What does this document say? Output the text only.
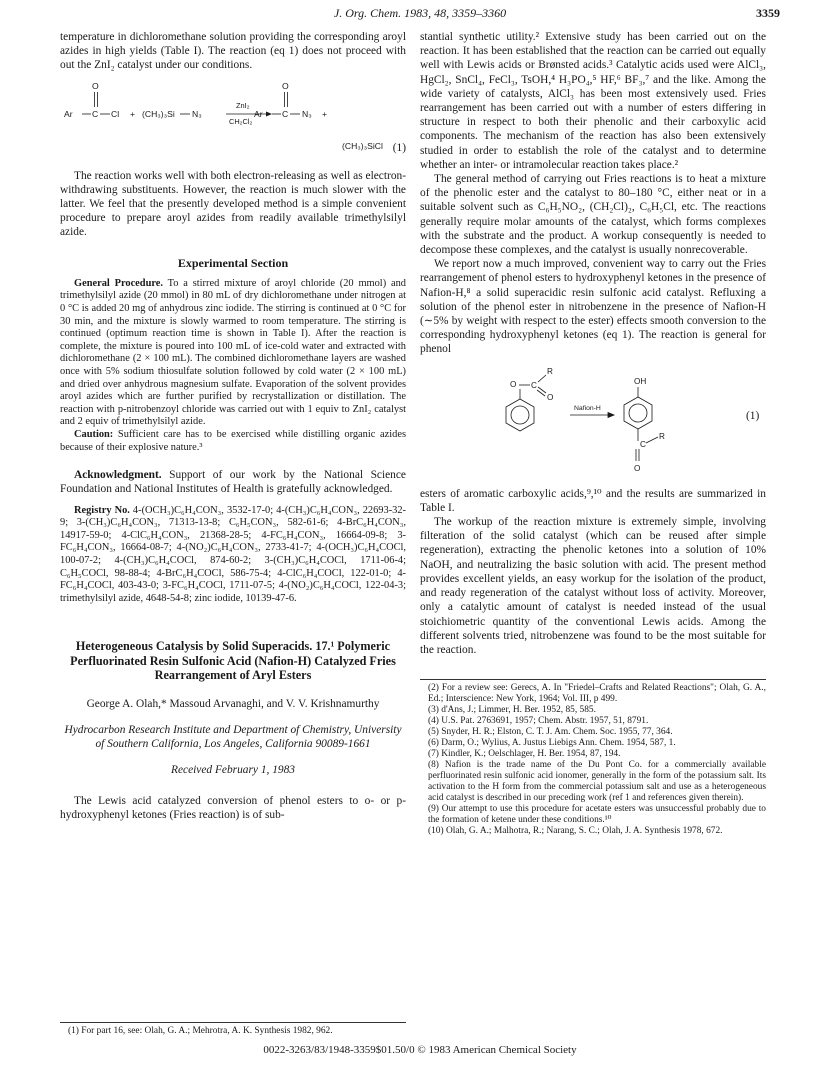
J. Org. Chem. 1983, 48, 3359–3360	3359

temperature in dichloromethane solution providing the corresponding aroyl azides in high yields (Table I). The reaction (eq 1) does not proceed with out the ZnI₂ catalyst under our conditions.

O
Ar C Cl + (CH₃)₃Si N₃
ZnI₂
CH₂Cl₂
O
Ar C N₃ +
(CH₃)₃SiCl (1)

The reaction works well with both electron-releasing as well as electron-withdrawing substituents. However, the reaction is much slower with the latter. We feel that the presently developed method is a simple convenient procedure to prepare aroyl azides from readily available trimethylsilyl azide.

Experimental Section

General Procedure. To a stirred mixture of aroyl chloride (20 mmol) and trimethylsilyl azide (20 mmol) in 80 mL of dry dichloromethane under nitrogen at 0 °C is added 20 mg of anhydrous zinc iodide. The stirring is continued at 0 °C for 30 min, and the mixture is slowly warmed to room temperature. The stirring is continued (optimum reaction time is shown in Table I). After the reaction is complete, the mixture is poured into 100 mL of ice-cold water and extracted with dichloromethane (2 × 100 mL). The combined dichloromethane layers are washed once with 5% sodium thiosulfate solution followed by cold water (2 × 100 mL) and dried over anhydrous magnesium sulfate. Evaporation of the solvent provides aroyl azides which are further purified by recrystallization or distillation. The reaction with p-nitrobenzoyl chloride was carried out with 1 equiv to ZnI₂ catalyst and 2 equiv of trimethylsilyl azide.

Caution: Sufficient care has to be exercised while distilling organic azides because of their explosive nature.³

Acknowledgment. Support of our work by the National Science Foundation and National Institutes of Health is gratefully acknowledged.

Registry No. 4-(OCH₃)C₆H₄CON₃, 3532-17-0; 4-(CH₃)C₆H₄CON₃, 22693-32-9; 3-(CH₃)C₆H₄CON₃, 71313-13-8; C₆H₅CON₃, 582-61-6; 4-BrC₆H₄CON₃, 14917-59-0; 4-ClC₆H₄CON₃, 21368-28-5; 4-FC₆H₄CON₃, 16664-09-8; 3-FC₆H₄CON₃, 16664-08-7; 4-(NO₂)C₆H₄CON₃, 2733-41-7; 4-(OCH₃)C₆H₄COCl, 100-07-2; 4-(CH₃)C₆H₄COCl, 874-60-2; 3-(CH₃)C₆H₄COCl, 1711-06-4; C₆H₅COCl, 98-88-4; 4-BrC₆H₄COCl, 586-75-4; 4-ClC₆H₄COCl, 122-01-0; 4-FC₆H₄COCl, 403-43-0; 3-FC₆H₄COCl, 1711-07-5; 4-(NO₂)C₆H₄COCl, 122-04-3; trimethylsilyl azide, 4648-54-8; zinc iodide, 10139-47-6.

Heterogeneous Catalysis by Solid Superacids. 17.¹ Polymeric Perfluorinated Resin Sulfonic Acid (Nafion-H) Catalyzed Fries Rearrangement of Aryl Esters
George A. Olah,* Massoud Arvanaghi, and V. V. Krishnamurthy
Hydrocarbon Research Institute and Department of Chemistry, University of Southern California, Los Angeles, California 90089-1661
Received February 1, 1983

The Lewis acid catalyzed conversion of phenol esters to o- or p-hydroxyphenyl ketones (Fries reaction) is of sub-

(1) For part 16, see: Olah, G. A.; Mehrotra, A. K. Synthesis 1982, 962.

stantial synthetic utility.² Extensive study has been carried out on the reaction. It has been established that the reaction can be carried out equally well with Lewis acids or Brønsted acids.³ Catalytic acids used were AlCl₃, HgCl₂, SnCl₄, FeCl₃, TsOH,⁴ H₃PO₄,⁵ HF,⁶ BF₃,⁷ and the like. Among the wide variety of catalysts, AlCl₃ has been most extensively used. Fries rearrangement has been carried out with a number of esters differing in structure in respect to both their phenolic and their carboxylic acid components. The mechanism of the reaction has also been extensively studied in order to establish the role of the catalyst and to determine whether an inter- or intramolecular reaction takes place.²

The general method of carrying out Fries reactions is to heat a mixture of the phenolic ester and the catalyst to 80–180 °C, either neat or in a suitable solvent such as C₆H₅NO₂, (CH₂Cl)₂, C₆H₅Cl, etc. The reactions generally require molar amounts of the catalyst, which forms complexes with the substrate and the product. A workup consequently is needed to decompose these complexes, and the catalyst is usually nonrecoverable.

We report now a much improved, convenient way to carry out the Fries rearrangement of phenol esters to hydroxyphenyl ketones in the presence of Nafion-H,⁸ a solid superacidic resin sulfonic acid catalyst. Refluxing a solution of the phenol ester in nitrobenzene in the presence of Nafion-H (∼5% by weight with respect to the ester) effects smooth conversion to the corresponding hydroxyphenyl ketones (eq 1). The reaction is general for phenol

O C
R
O
Nafion-H
OH
C
R
O
(1)

esters of aromatic carboxylic acids,⁹,¹⁰ and the results are summarized in Table I.

The workup of the reaction mixture is extremely simple, involving filteration of the solid catalyst (which can be reused after simple regeneration), extracting the phenolic ketones into a solution of 10% NaOH, and neutralizing the basic solution with acid. The present method provides excellent yields, an easy workup for the isolation of the product, and ready regeneration of the catalyst without loss of activity. Moreover, only a catalytic amount of catalyst is needed instead of the usual stoichiometric quantity of the conventional Lewis acids. Among the different solvents tried, nitrobenzene was found to be the most suitable for the reaction.

(2) For a review see: Gerecs, A. In "Friedel–Crafts and Related Reactions"; Olah, G. A., Ed.; Interscience: New York, 1964; Vol. III, p 499.
(3) d'Ans, J.; Limmer, H. Ber. 1952, 85, 585.
(4) U.S. Pat. 2763691, 1957; Chem. Abstr. 1957, 51, 8791.
(5) Snyder, H. R.; Elston, C. T. J. Am. Chem. Soc. 1955, 77, 364.
(6) Darm, O.; Wylius, A. Justus Liebigs Ann. Chem. 1954, 587, 1.
(7) Kindler, K.; Oelschlager, H. Ber. 1954, 87, 194.
(8) Nafion is the trade name of the Du Pont Co. for a commercially available perfluorinated resin sulfonic acid ionomer, generally in the form of the potassium salt. Its activation to the H form from the commercial potassium salt and use as a heterogeneous acid catalyst is described in our preceding work (ref 1 and references given therein).
(9) Our attempt to use this procedure for acetate esters was unsuccessful probably due to the formation of ketene under these conditions.¹⁰
(10) Olah, G. A.; Malhotra, R.; Narang, S. C.; Olah, J. A. Synthesis 1978, 672.
0022-3263/83/1948-3359$01.50/0 © 1983 American Chemical Society
